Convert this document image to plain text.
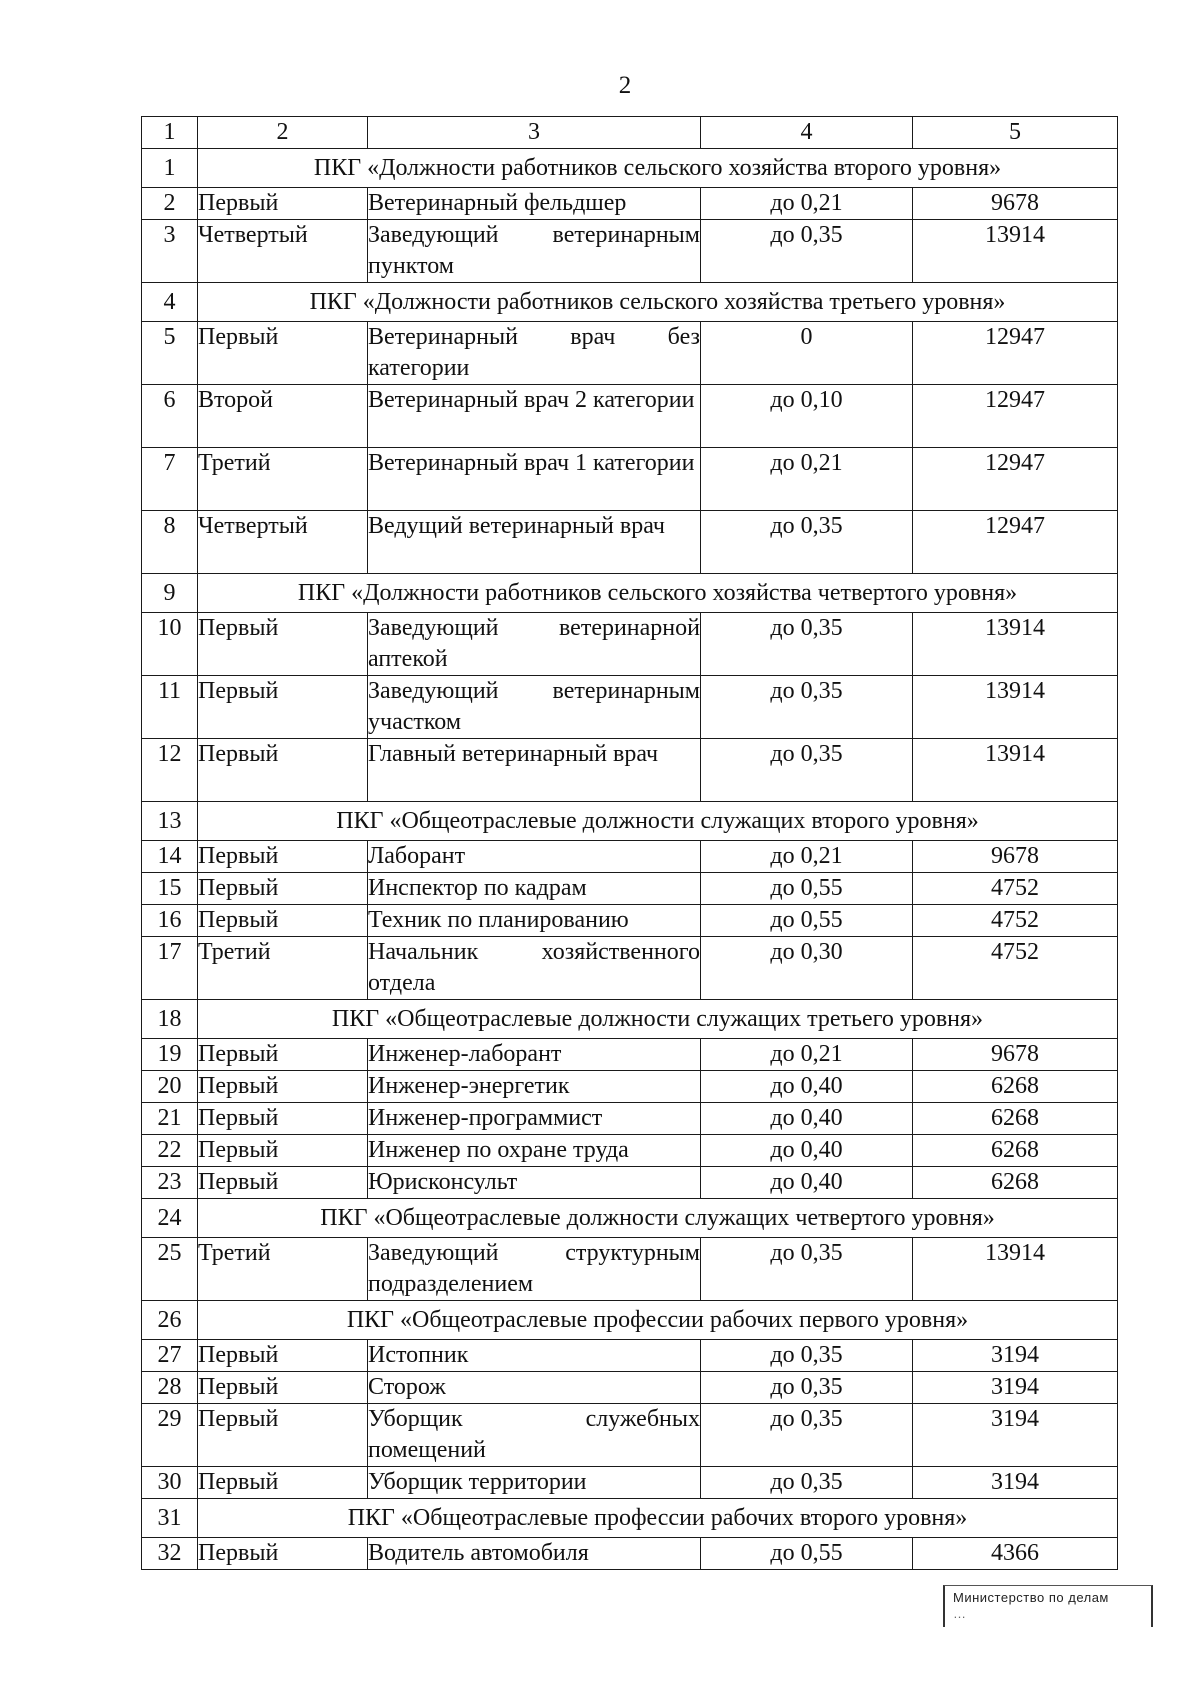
2
1	2	3	4	5
1	ПКГ «Должности работников сельского хозяйства второго уровня»			
2	Первый	Ветеринарный фельдшер	до 0,21	9678
3	Четвертый	Заведующий ветеринарным пунктом	до 0,35	13914
4	ПКГ «Должности работников сельского хозяйства третьего уровня»			
5	Первый	Ветеринарный врач без категории	0	12947
6	Второй	Ветеринарный врач 2 категории	до 0,10	12947
7	Третий	Ветеринарный врач 1 категории	до 0,21	12947
8	Четвертый	Ведущий ветеринарный врач	до 0,35	12947
9	ПКГ «Должности работников сельского хозяйства четвертого уровня»			
10	Первый	Заведующий ветеринарной аптекой	до 0,35	13914
11	Первый	Заведующий ветеринарным участком	до 0,35	13914
12	Первый	Главный ветеринарный врач	до 0,35	13914
13	ПКГ «Общеотраслевые должности служащих второго уровня»			
14	Первый	Лаборант	до 0,21	9678
15	Первый	Инспектор по кадрам	до 0,55	4752
16	Первый	Техник по планированию	до 0,55	4752
17	Третий	Начальник хозяйственного отдела	до 0,30	4752
18	ПКГ «Общеотраслевые должности служащих третьего уровня»			
19	Первый	Инженер-лаборант	до 0,21	9678
20	Первый	Инженер-энергетик	до 0,40	6268
21	Первый	Инженер-программист	до 0,40	6268
22	Первый	Инженер по охране труда	до 0,40	6268
23	Первый	Юрисконсульт	до 0,40	6268
24	ПКГ «Общеотраслевые должности служащих четвертого уровня»			
25	Третий	Заведующий структурным подразделением	до 0,35	13914
26	ПКГ «Общеотраслевые профессии рабочих первого уровня»			
27	Первый	Истопник	до 0,35	3194
28	Первый	Сторож	до 0,35	3194
29	Первый	Уборщик служебных помещений	до 0,35	3194
30	Первый	Уборщик территории	до 0,35	3194
31	ПКГ «Общеотраслевые профессии рабочих второго уровня»			
32	Первый	Водитель автомобиля	до 0,55	4366
Министерство по делам
…
